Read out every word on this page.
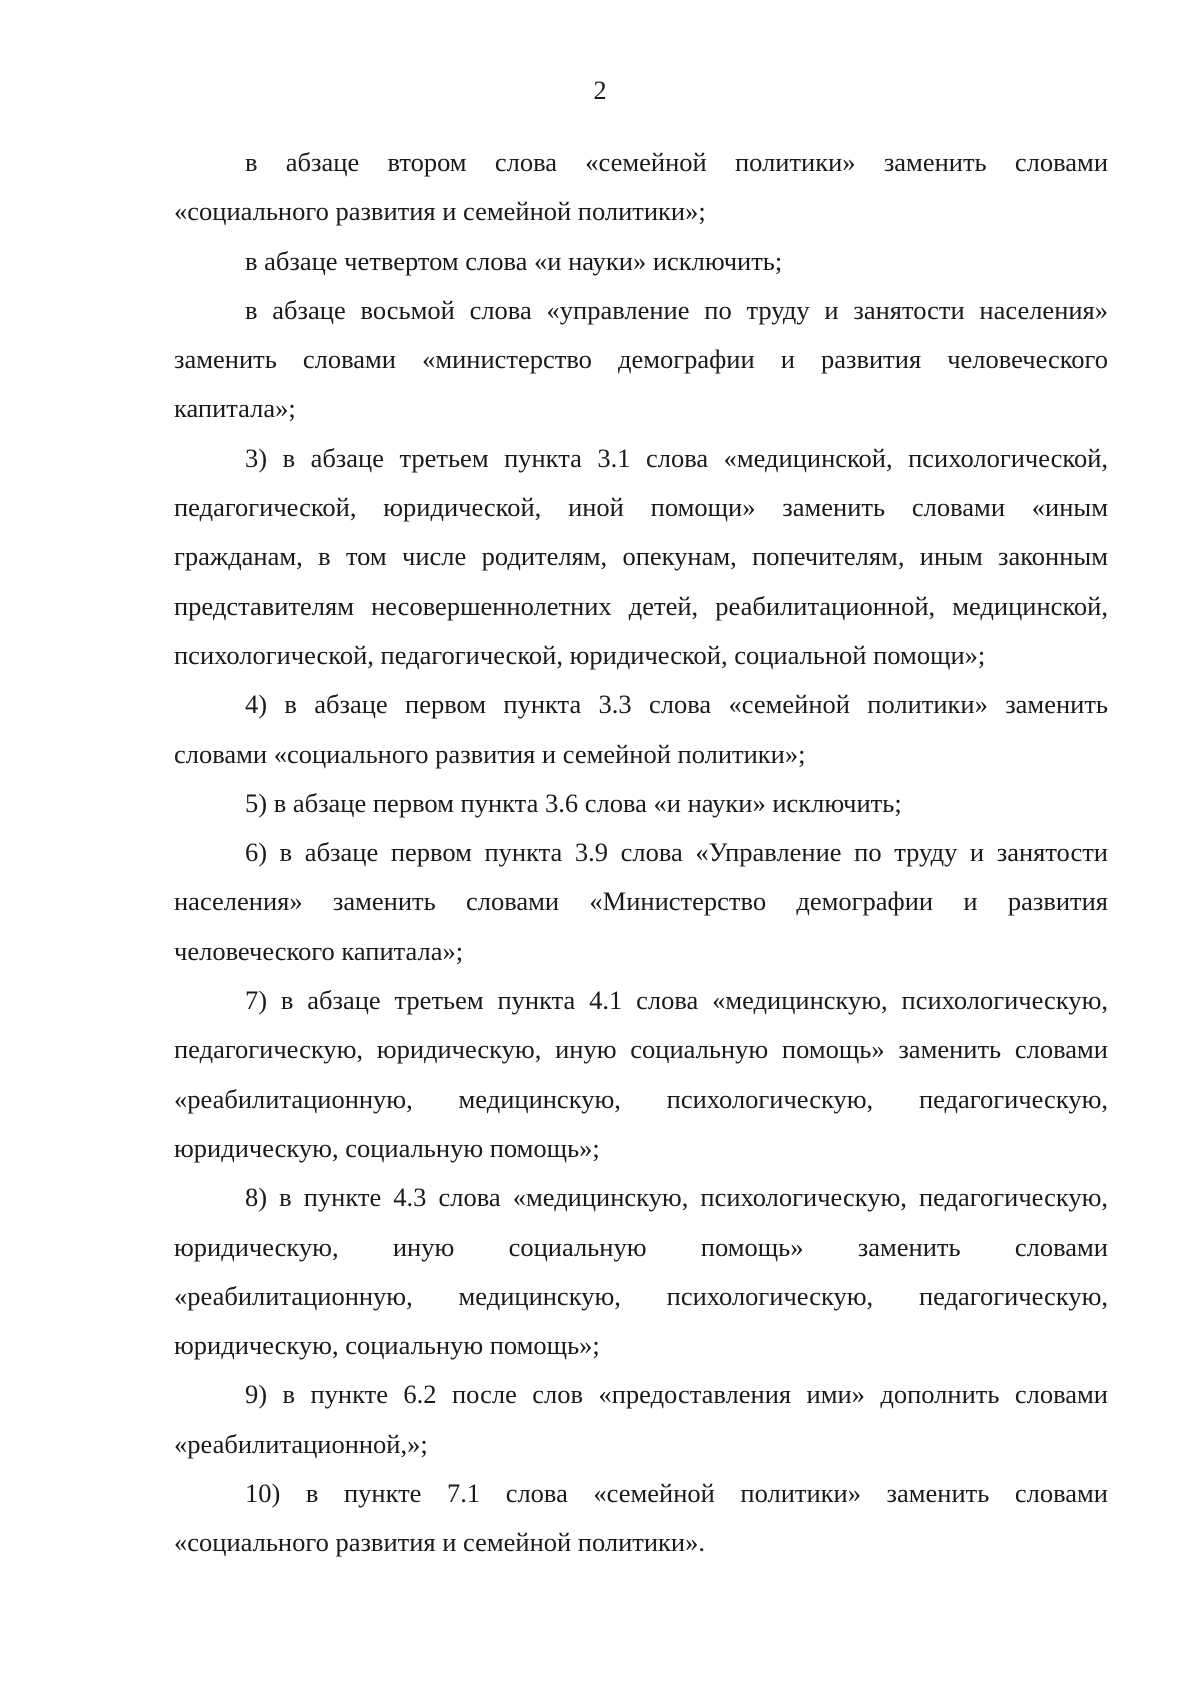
2

в абзаце втором слова «семейной политики» заменить словами «социального развития и семейной политики»;

в абзаце четвертом слова «и науки» исключить;

в абзаце восьмой слова «управление по труду и занятости населения» заменить словами «министерство демографии и развития человеческого капитала»;

3) в абзаце третьем пункта 3.1 слова «медицинской, психологической, педагогической, юридической, иной помощи» заменить словами «иным гражданам, в том числе родителям, опекунам, попечителям, иным законным представителям несовершеннолетних детей, реабилитационной, медицинской, психологической, педагогической, юридической, социальной помощи»;

4) в абзаце первом пункта 3.3 слова «семейной политики» заменить словами «социального развития и семейной политики»;

5) в абзаце первом пункта 3.6 слова «и науки» исключить;

6) в абзаце первом пункта 3.9 слова «Управление по труду и занятости населения» заменить словами «Министерство демографии и развития человеческого капитала»;

7) в абзаце третьем пункта 4.1 слова «медицинскую, психологическую, педагогическую, юридическую, иную социальную помощь» заменить словами «реабилитационную, медицинскую, психологическую, педагогическую, юридическую, социальную помощь»;

8) в пункте 4.3 слова «медицинскую, психологическую, педагогическую, юридическую, иную социальную помощь» заменить словами «реабилитационную, медицинскую, психологическую, педагогическую, юридическую, социальную помощь»;

9) в пункте 6.2 после слов «предоставления ими» дополнить словами «реабилитационной,»;

10) в пункте 7.1 слова «семейной политики» заменить словами «социального развития и семейной политики».
